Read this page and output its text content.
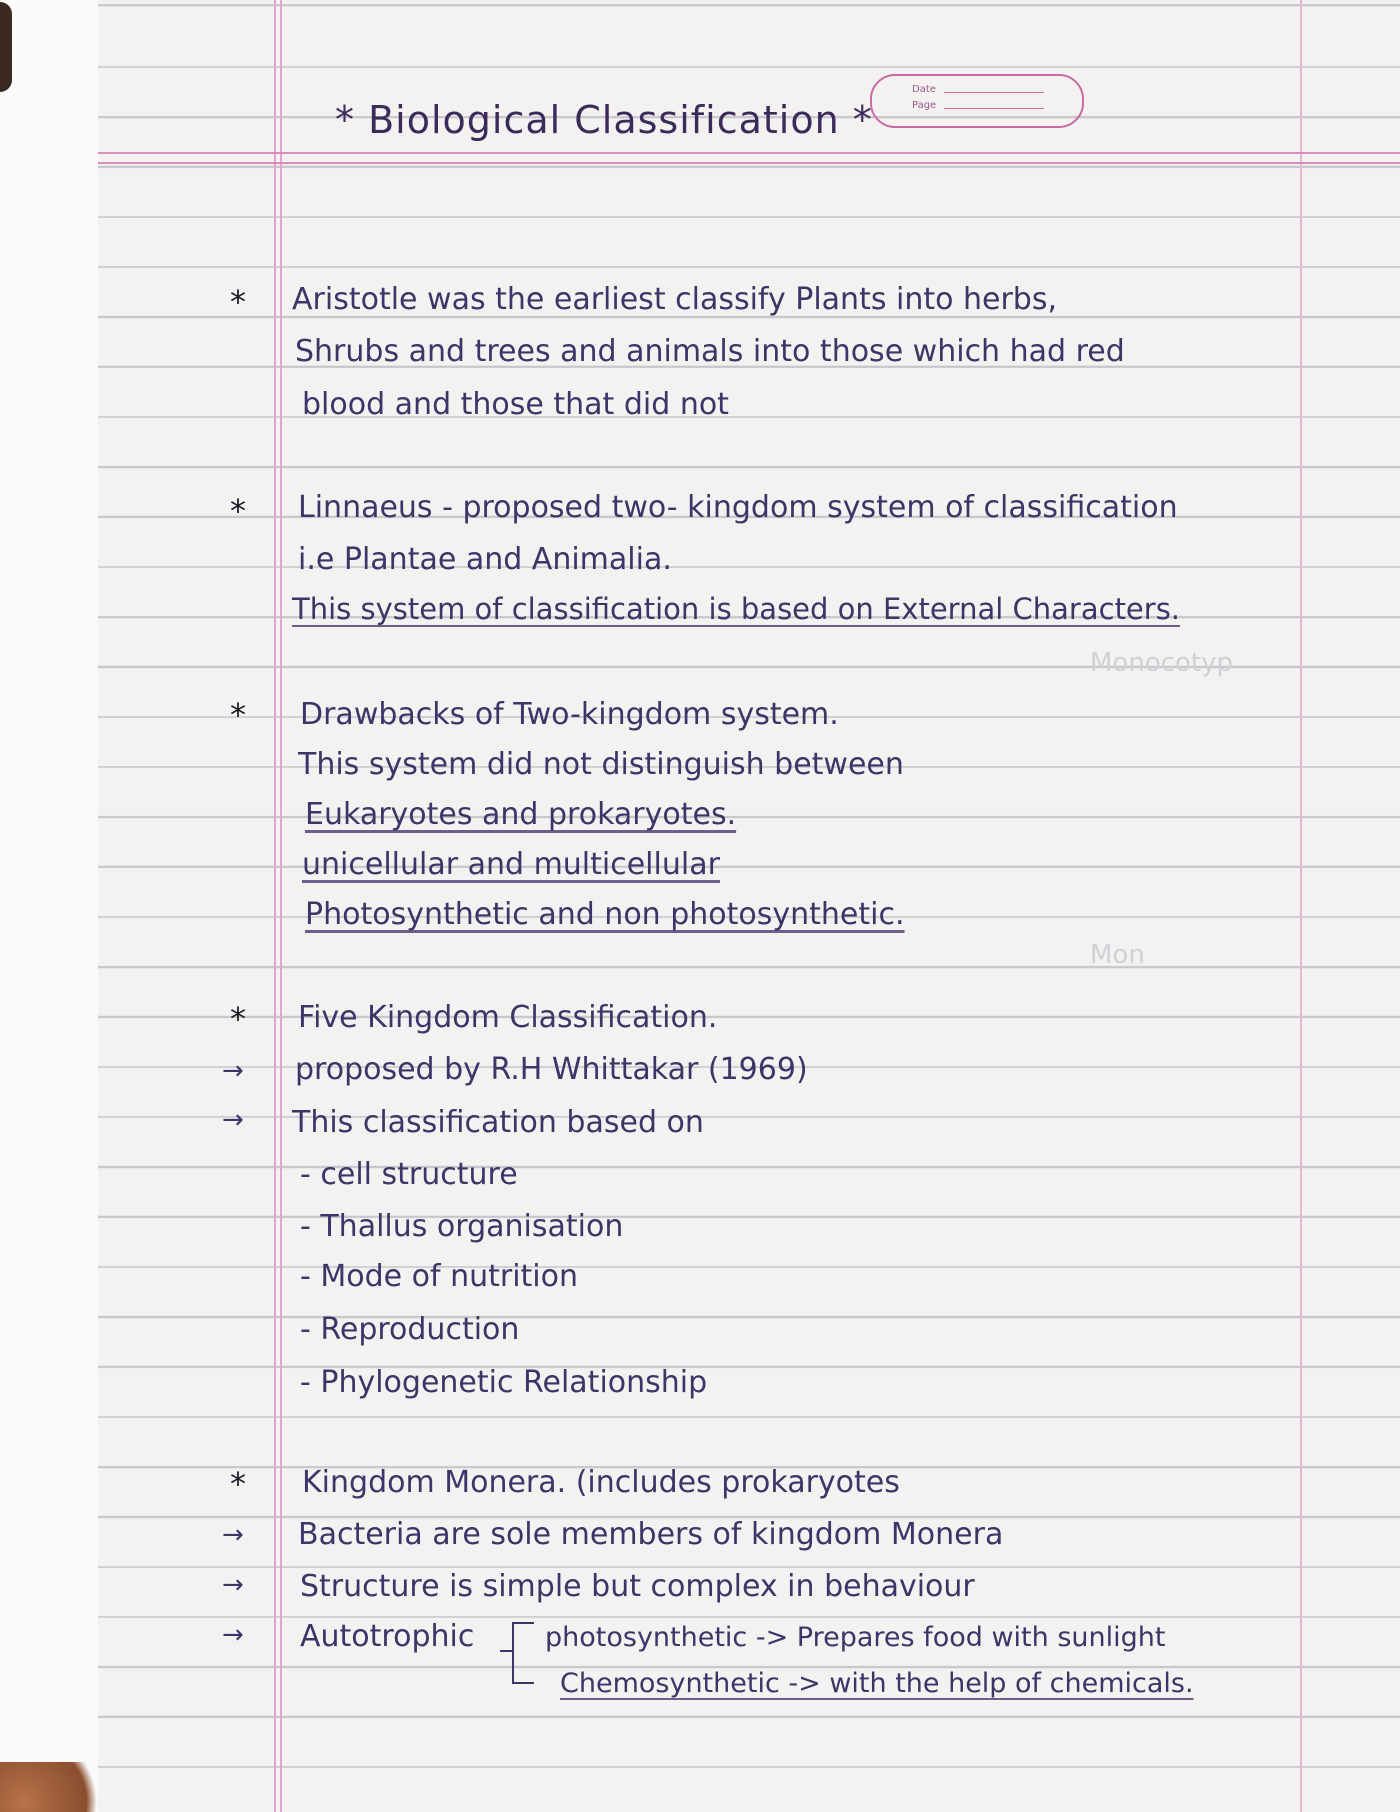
Monocotyp
Mon
* Biological Classification *
Date
Page
* Aristotle was the earliest classify Plants into herbs,
Shrubs and trees and animals into those which had red
blood and those that did not
* Linnaeus - proposed two- kingdom system of classification
i.e Plantae and Animalia.
This system of classification is based on External Characters.
* Drawbacks of Two-kingdom system.
This system did not distinguish between
Eukaryotes and prokaryotes.
unicellular and multicellular
Photosynthetic and non photosynthetic.
* Five Kingdom Classification.
→ proposed by R.H Whittakar (1969)
→ This classification based on
- cell structure
- Thallus organisation
- Mode of nutrition
- Reproduction
- Phylogenetic Relationship
* Kingdom Monera. (includes prokaryotes
→ Bacteria are sole members of kingdom Monera
→ Structure is simple but complex in behaviour
→ Autotrophic	photosynthetic -> Prepares food with sunlight
Chemosynthetic -> with the help of chemicals.
